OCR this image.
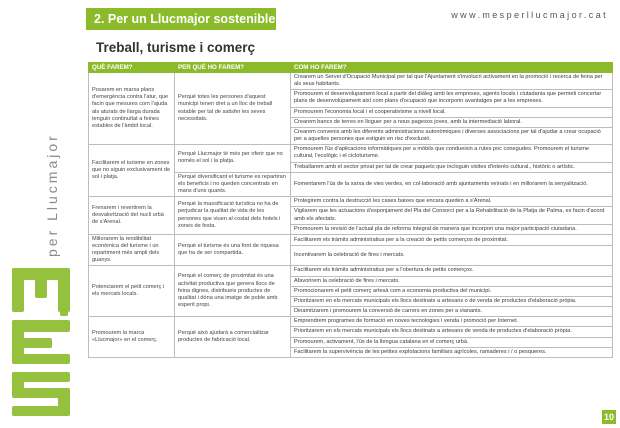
per Llucmajor
MÉS
2. Per un Llucmajor sostenible	www.mesperllucmajor.cat
Treball, turisme i comerç
QUÈ FAREM?	PER QUÈ HO FAREM?	COM HO FAREM?
Posarem en marxa plans d'emergència contra l'atur, que facin que mesures com l'ajuda als aturats de llarga durada tenguin continuïtat a feines estables de l'àmbit local.	Perquè totes les persones d'aquest municipi tenen dret a un lloc de treball estable per tal de satisfer les seves necessitats.	Crearem un Servei d'Ocupació Municipal per tal que l'Ajuntament s'involucri activament en la promoció i recerca de feina per als seus habitants.
		Promourem el desenvolupament local a partir del diàleg amb les empreses, agents locals i ciutadania que permeti concertar plans de desenvolupament així com plans d'ocupació que incorporin avantatges per a les empreses.
		Promourem l'economia local i el cooperativisme a nivell local.
		Crearem bancs de terres en lloguer per a nous pagesos joves, amb la intermediació laboral.
		Crearem convenis amb les diferents administracions autonòmiques i diverses associacions per tal d'ajudar a crear ocupació per a aquelles persones que estiguin en risc d'exclusió.
Facilitarem el turisme en zones que no siguin exclusivament de sol i platja.	Perquè Llucmajor té més per oferir que no només el sol i la platja.	Promourem l'ús d'aplicacions informàtiques per a mòbils que condueixin a rutes poc conegudes. Promourem el turisme cultural, l'ecològic i el cicloturisme.
		Treballarem amb el sector privat per tal de crear paquets que incloguin visites d'interès cultural., històric o artístic.
	Perquè diversificant el turisme es repartiran els beneficis i no queden concentrats en mans d'uns quants.	Fomentarem l'ús de la xarxa de vies verdes, en col·laboració amb ajuntaments veïnats i en millorarem la senyalització.
Frenarem i revertirem la desvalorització del nucli urbà de s'Arenal.	Perquè la massificació turística no ha de perjudicar la qualitat de vida de les persones que viuen al costat dels hotels i zones de festa.	Protegirem contra la destrucció les cases baixes que encara queden a s'Arenal.
		Vigilarem que les actuacions d'esponjament del Pla del Consorci per a la Rehabilitació de la Platja de Palma, es facin d'acord amb els afectats.
		Promourem la revisió de l'actual pla de reforma integral de manera que incorpori una major participació ciutadana.
Millorarem la rendibilitat econòmica del turisme i un repartiment més ampli dels guanys.	Perquè el turisme és una font de riquesa que ha de ser compartida.	Facilitarem els tràmits administratius per a la creació de petits comerços de proximitat.
		Incentivarem la celebració de fires i mercats.
Potenciarem el petit comerç i els mercats locals.	Perquè el comerç de proximitat és una activitat productiva que genera llocs de feina dignes, distribueix productes de qualitat i dóna una imatge de poble amb esperit propi.	Facilitarem els tràmits administratius per a l'obertura de petits comerços.
		Afavorirem la celebració de fires i mercats.
		Promocionarem el petit comerç artesà com a economia productiva del municipi.
		Prioritzarem en els mercats municipals els llocs destinats a artesans o de venda de productes d'elaboració pròpia.
		Dinamitzarem i promourem la conversió de carrers en zones per a vianants.
Promourem la marca «Llucmajor» en el comerç.	Perquè això ajudarà a comercialitzar productes de fabricació local.	Emprendrem programes de formació en noves tecnologies i venda i promoció per Internet.
		Prioritzarem en els mercats municipals els llocs destinats a artesans de venda de productes d'elaboració pròpia.
		Promourem, activament, l'ús de la llengua catalana en el comerç urbà.
		Facilitarem la supervivència de les petites explotacions familiars agrícoles, ramaderes i / o pesqueres.
10
